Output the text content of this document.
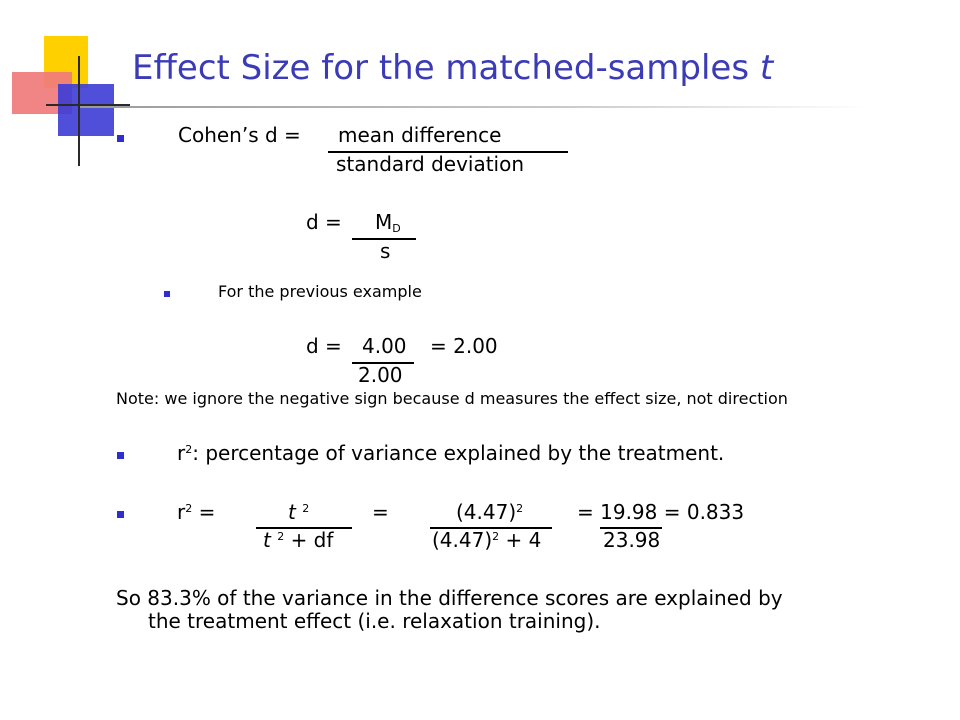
Effect Size for the matched-samples t
Cohen’s d = mean difference
standard deviation
$d = M_D$
s
For the previous example
d = 4.00 = 2.00
2.00
Note: we ignore the negative sign because d measures the effect size, not direction
$r^2$: percentage of variance explained by the treatment.
$r^2$ =	t $^2$	=	$(4.47)^2$	= 19.98 = 0.833
t $^2$ + df	$(4.47)^2 + 4$	23.98
So 83.3% of the variance in the difference scores are explained by
the treatment effect (i.e. relaxation training).
